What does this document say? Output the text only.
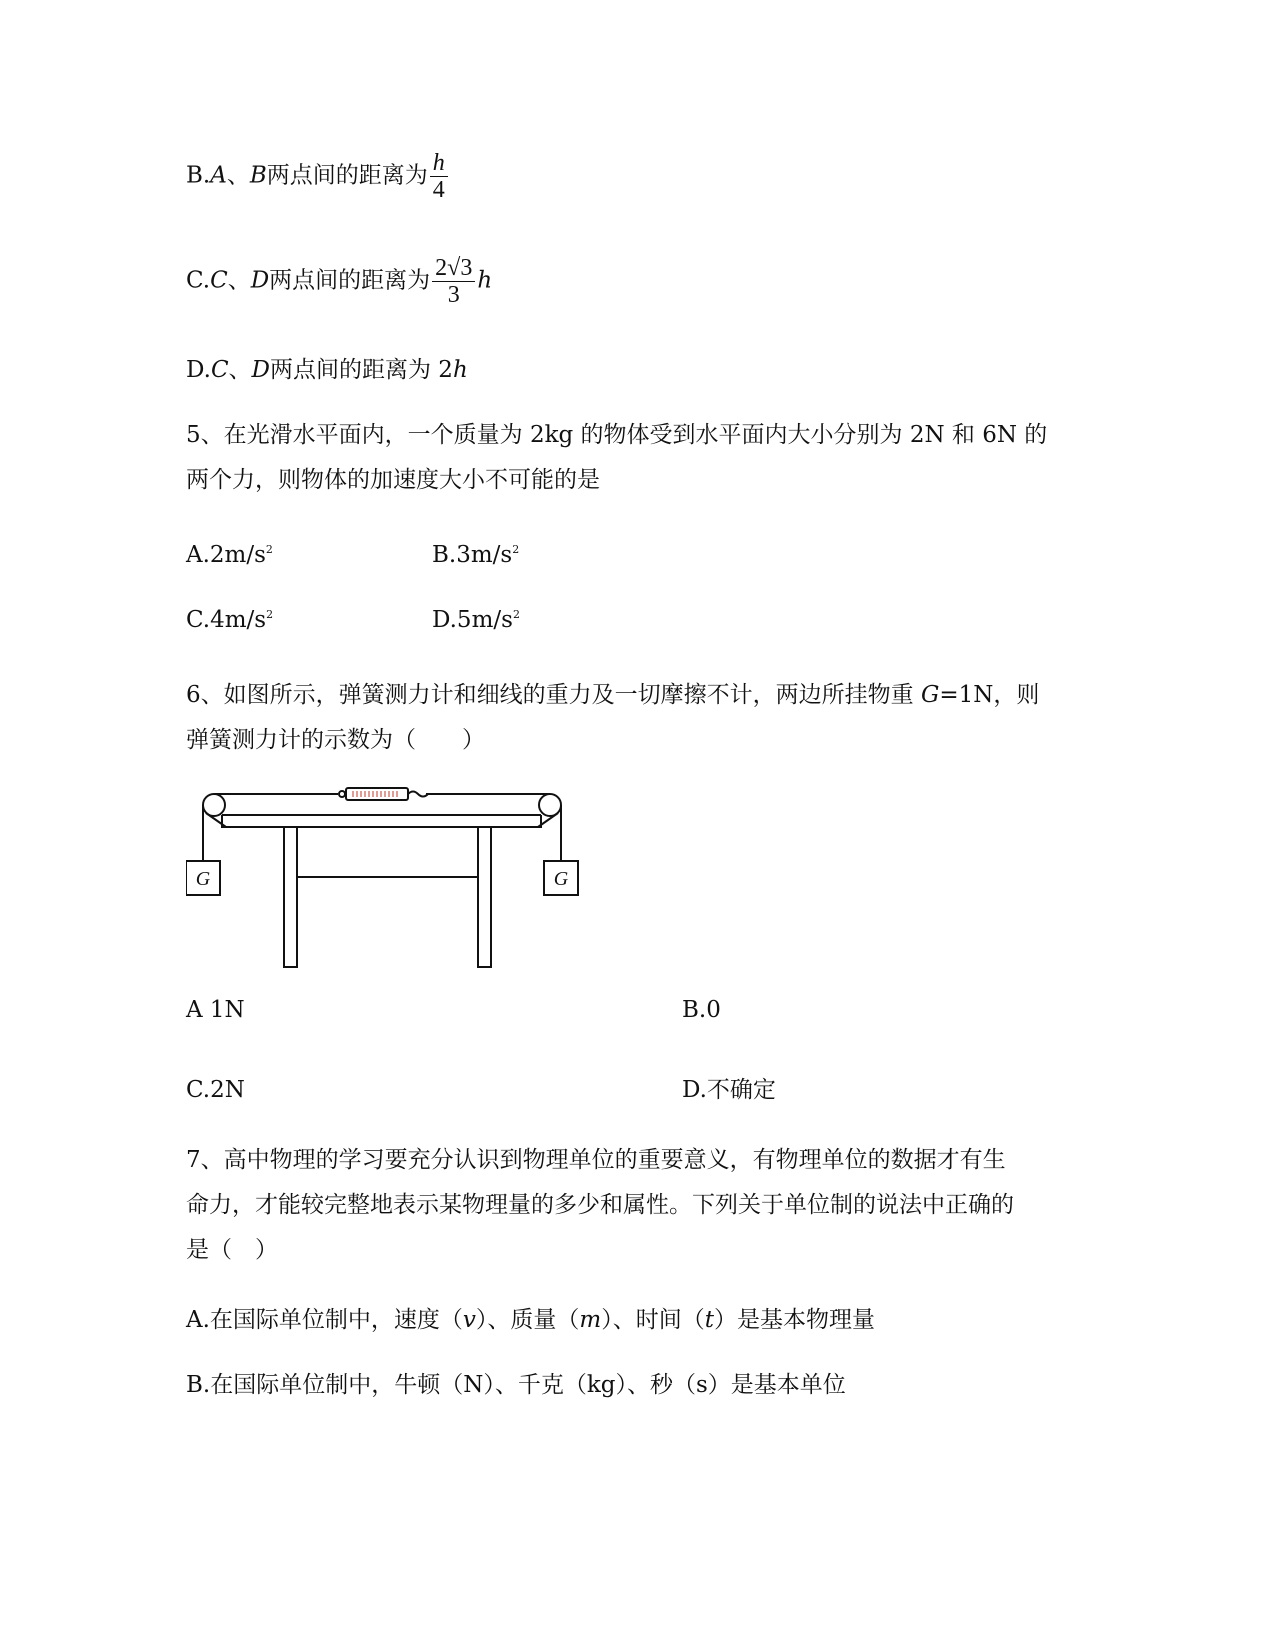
B.A、B两点间的距离为 $\frac{h}{4}$
C.C、D两点间的距离为 $\frac{2√3}{3}$ h
D.C、D两点间的距离为 2h
5、在光滑水平面内，一个质量为 2kg 的物体受到水平面内大小分别为 2N 和 6N 的
两个力，则物体的加速度大小不可能的是
$A.2m/s^2$	$B.3m/s^2$
$C.4m/s^2$	$D.5m/s^2$
6、如图所示，弹簧测力计和细线的重力及一切摩擦不计，两边所挂物重 G=1N，则
弹簧测力计的示数为（　　）
G	G
A 1N	B.0
C.2N	D.不确定
7、高中物理的学习要充分认识到物理单位的重要意义，有物理单位的数据才有生
命力，才能较完整地表示某物理量的多少和属性。下列关于单位制的说法中正确的
是（　）
A.在国际单位制中，速度（v）、质量（m）、时间（t）是基本物理量
B.在国际单位制中，牛顿（N）、千克（kg）、秒（s）是基本单位
